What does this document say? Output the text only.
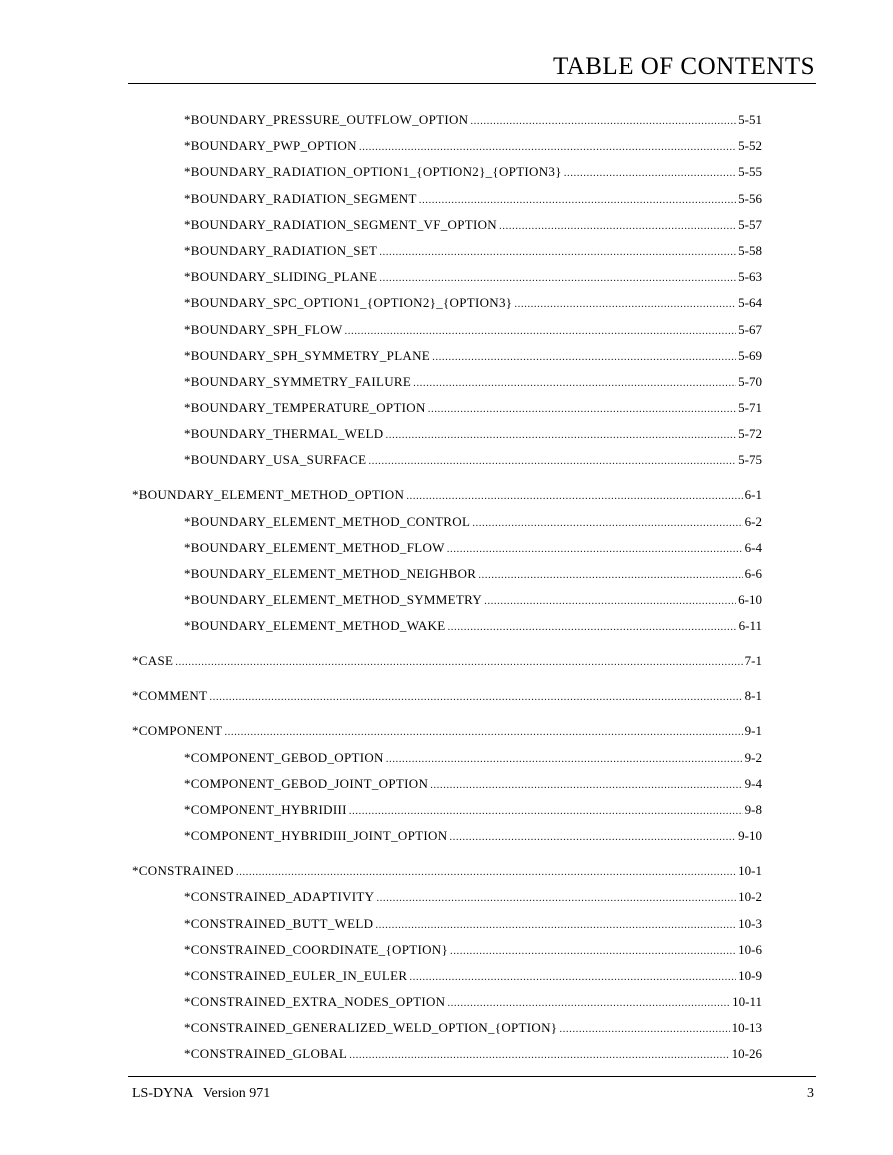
TABLE OF CONTENTS
*BOUNDARY_PRESSURE_OUTFLOW_OPTION .....	5-51
*BOUNDARY_PWP_OPTION .....	5-52
*BOUNDARY_RADIATION_OPTION1_{OPTION2}_{OPTION3} .....	5-55
*BOUNDARY_RADIATION_SEGMENT .....	5-56
*BOUNDARY_RADIATION_SEGMENT_VF_OPTION .....	5-57
*BOUNDARY_RADIATION_SET .....	5-58
*BOUNDARY_SLIDING_PLANE .....	5-63
*BOUNDARY_SPC_OPTION1_{OPTION2}_{OPTION3} .....	5-64
*BOUNDARY_SPH_FLOW .....	5-67
*BOUNDARY_SPH_SYMMETRY_PLANE .....	5-69
*BOUNDARY_SYMMETRY_FAILURE .....	5-70
*BOUNDARY_TEMPERATURE_OPTION .....	5-71
*BOUNDARY_THERMAL_WELD .....	5-72
*BOUNDARY_USA_SURFACE .....	5-75
*BOUNDARY_ELEMENT_METHOD_OPTION .....	6-1
*BOUNDARY_ELEMENT_METHOD_CONTROL .....	6-2
*BOUNDARY_ELEMENT_METHOD_FLOW .....	6-4
*BOUNDARY_ELEMENT_METHOD_NEIGHBOR .....	6-6
*BOUNDARY_ELEMENT_METHOD_SYMMETRY .....	6-10
*BOUNDARY_ELEMENT_METHOD_WAKE .....	6-11
*CASE .....	7-1
*COMMENT .....	8-1
*COMPONENT .....	9-1
*COMPONENT_GEBOD_OPTION .....	9-2
*COMPONENT_GEBOD_JOINT_OPTION .....	9-4
*COMPONENT_HYBRIDIII .....	9-8
*COMPONENT_HYBRIDIII_JOINT_OPTION .....	9-10
*CONSTRAINED .....	10-1
*CONSTRAINED_ADAPTIVITY .....	10-2
*CONSTRAINED_BUTT_WELD .....	10-3
*CONSTRAINED_COORDINATE_{OPTION} .....	10-6
*CONSTRAINED_EULER_IN_EULER .....	10-9
*CONSTRAINED_EXTRA_NODES_OPTION .....	10-11
*CONSTRAINED_GENERALIZED_WELD_OPTION_{OPTION} .....	10-13
*CONSTRAINED_GLOBAL .....	10-26
LS-DYNA   Version 971	3
